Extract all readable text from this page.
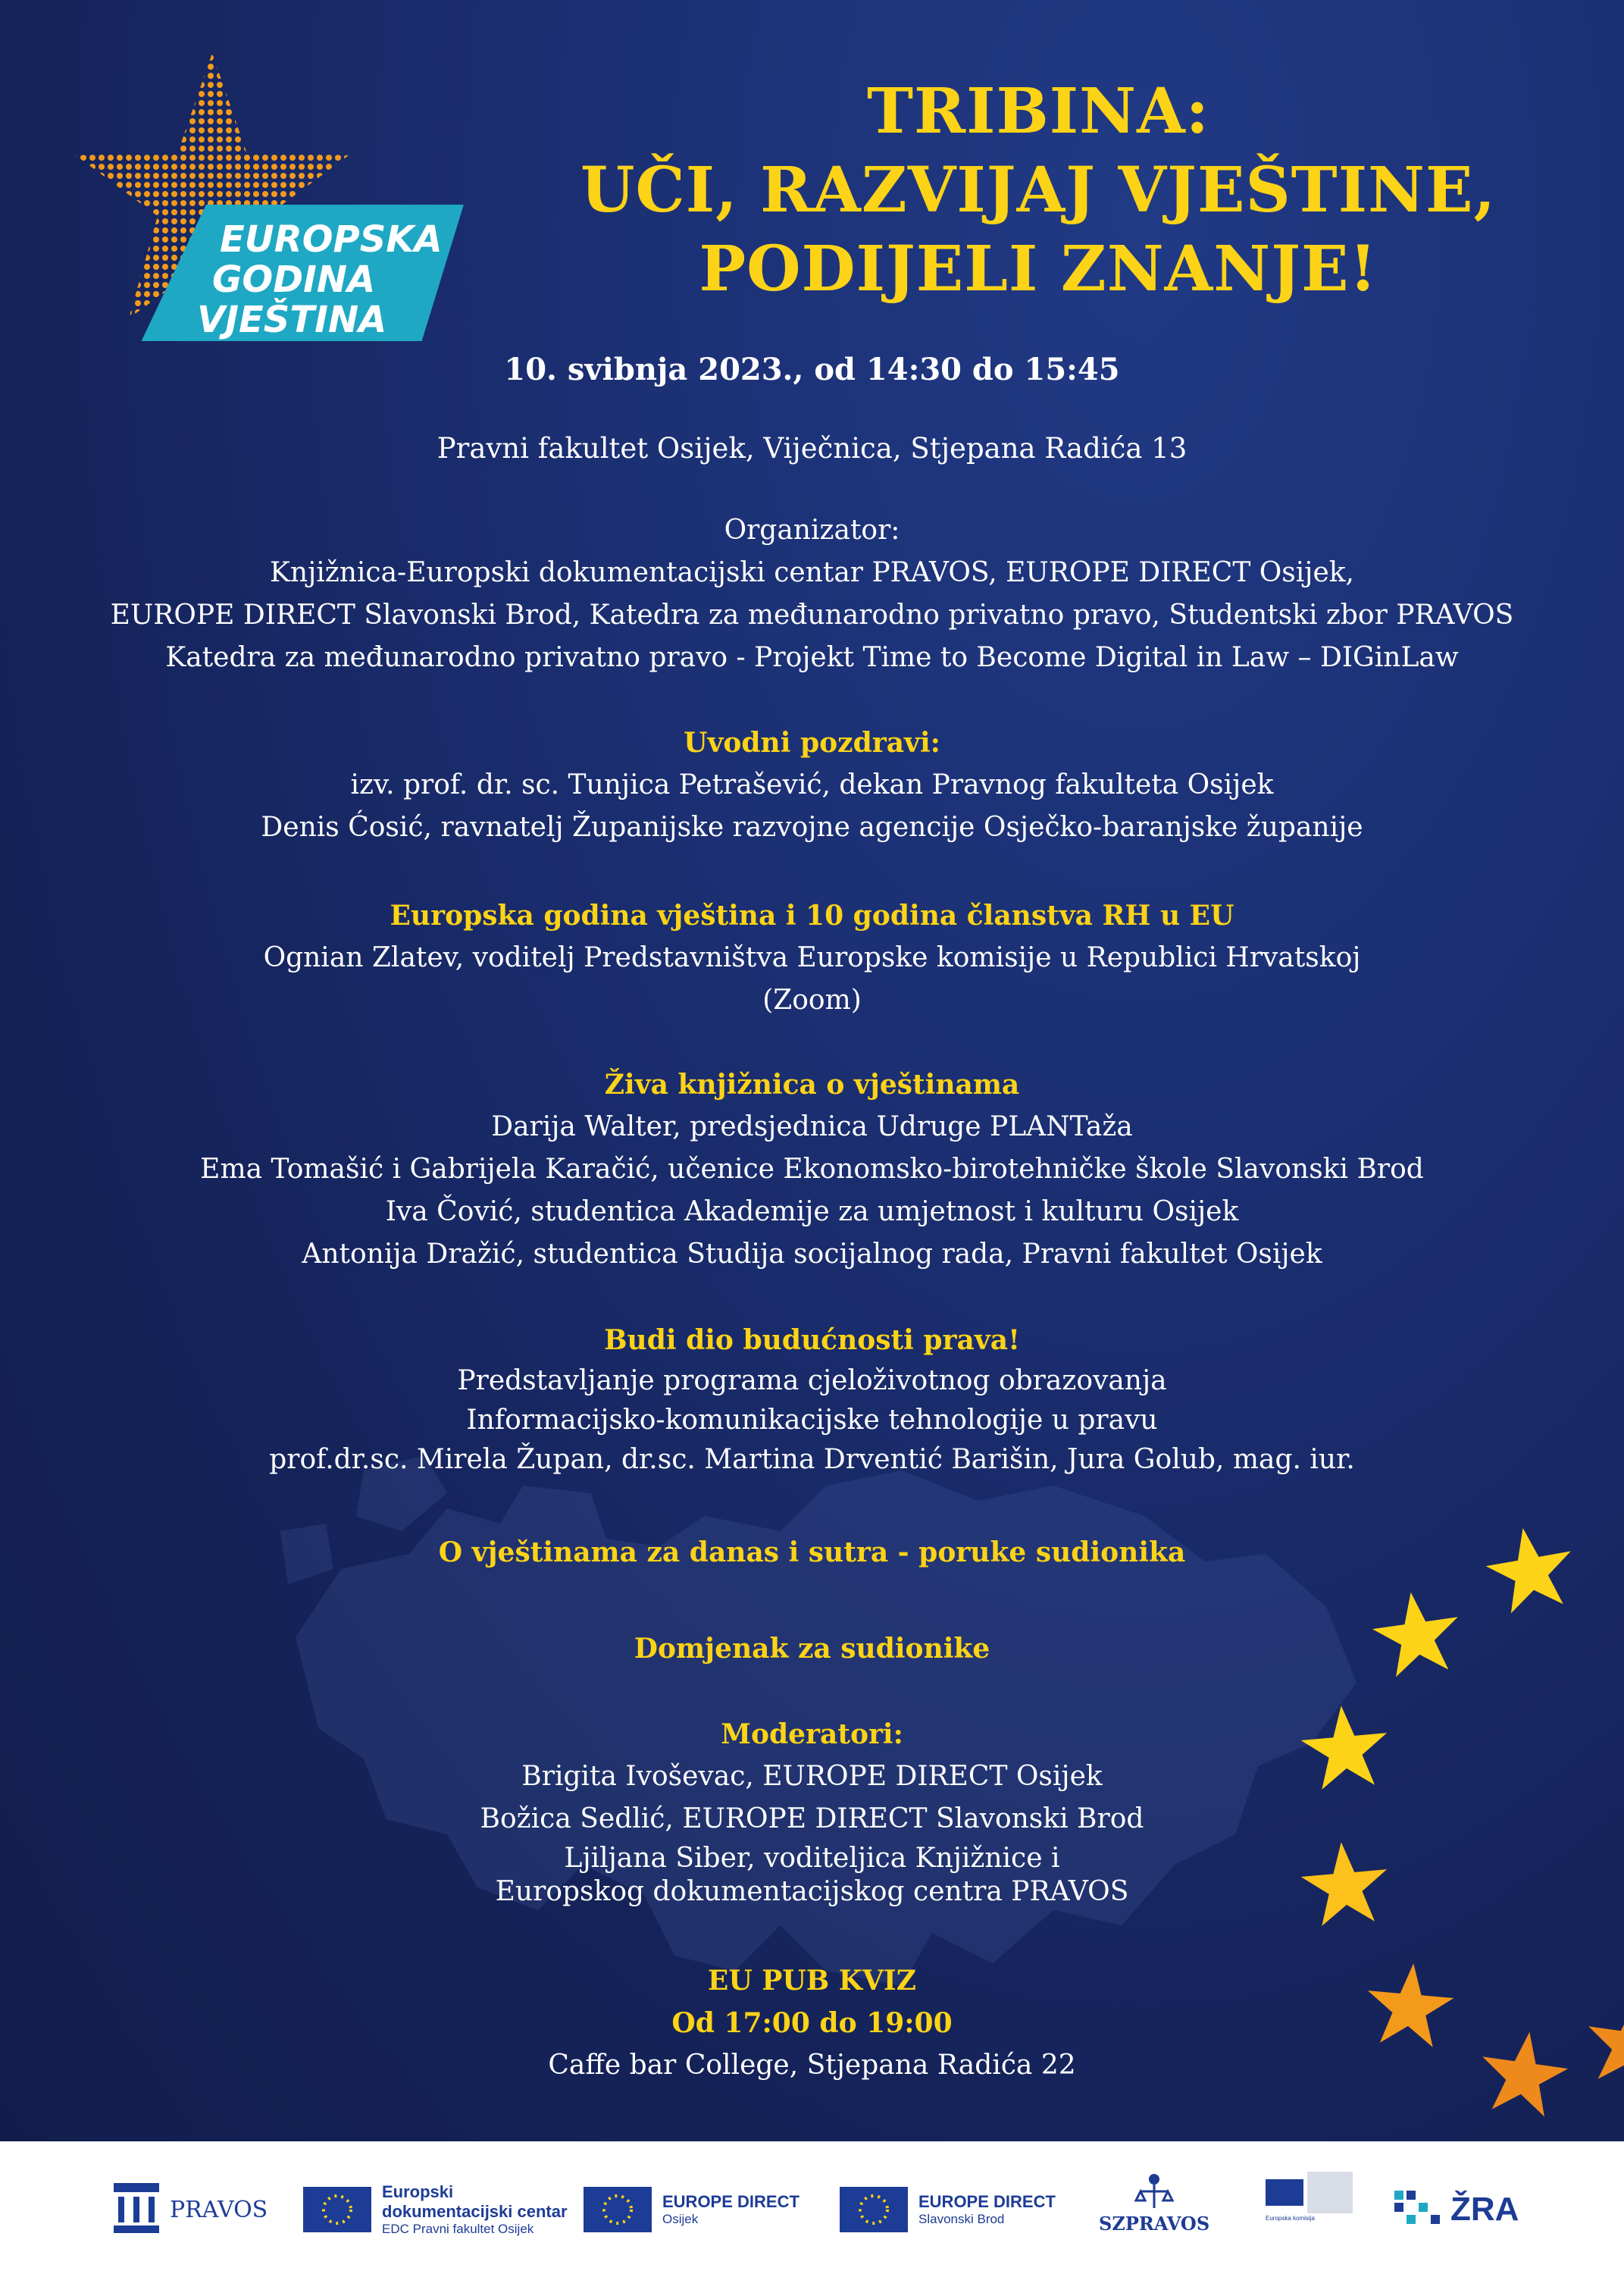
EUROPSKA
GODINA
VJEŠTINA
TRIBINA:
UČI, RAZVIJAJ VJEŠTINE,
PODIJELI ZNANJE!
10. svibnja 2023., od 14:30 do 15:45
Pravni fakultet Osijek, Viječnica, Stjepana Radića 13
Organizator:
Knjižnica-Europski dokumentacijski centar PRAVOS, EUROPE DIRECT Osijek,
EUROPE DIRECT Slavonski Brod, Katedra za međunarodno privatno pravo, Studentski zbor PRAVOS
Katedra za međunarodno privatno pravo - Projekt Time to Become Digital in Law – DIGinLaw
Uvodni pozdravi:
izv. prof. dr. sc. Tunjica Petrašević, dekan Pravnog fakulteta Osijek
Denis Ćosić, ravnatelj Županijske razvojne agencije Osječko-baranjske županije
Europska godina vještina i 10 godina članstva RH u EU
Ognian Zlatev, voditelj Predstavništva Europske komisije u Republici Hrvatskoj
(Zoom)
Živa knjižnica o vještinama
Darija Walter, predsjednica Udruge PLANTaža
Ema Tomašić i Gabrijela Karačić, učenice Ekonomsko-birotehničke škole Slavonski Brod
Iva Čović, studentica Akademije za umjetnost i kulturu Osijek
Antonija Dražić, studentica Studija socijalnog rada, Pravni fakultet Osijek
Budi dio budućnosti prava!
Predstavljanje programa cjeloživotnog obrazovanja
Informacijsko-komunikacijske tehnologije u pravu
prof.dr.sc. Mirela Župan, dr.sc. Martina Drventić Barišin, Jura Golub, mag. iur.
O vještinama za danas i sutra - poruke sudionika
Domjenak za sudionike
Moderatori:
Brigita Ivoševac, EUROPE DIRECT Osijek
Božica Sedlić, EUROPE DIRECT Slavonski Brod
Ljiljana Siber, voditeljica Knjižnice i
Europskog dokumentacijskog centra PRAVOS
EU PUB KVIZ
Od 17:00 do 19:00
Caffe bar College, Stjepana Radića 22
PRAVOS
Europski
dokumentacijski centar
EDC Pravni fakultet Osijek
EUROPE DIRECT
Osijek
EUROPE DIRECT
Slavonski Brod	SZPRAVOS	Europska komisija	ŽRA
